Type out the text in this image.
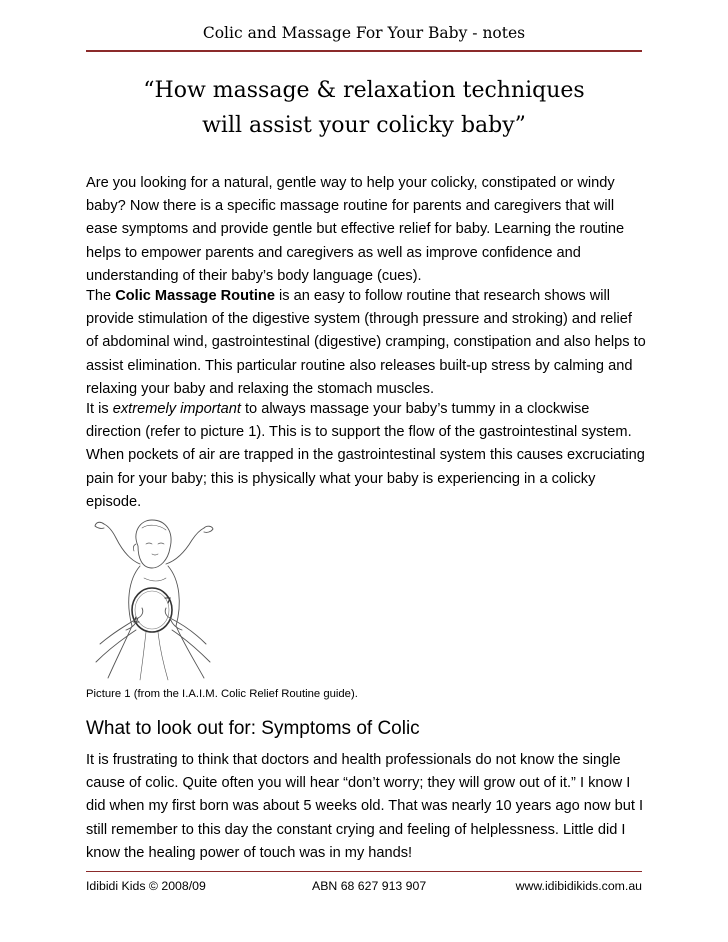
Colic and Massage For Your Baby - notes
“How massage & relaxation techniques
will assist your colicky baby”

Are you looking for a natural, gentle way to help your colicky, constipated or windy baby? Now there is a specific massage routine for parents and caregivers that will ease symptoms and provide gentle but effective relief for baby. Learning the routine helps to empower parents and caregivers as well as improve confidence and understanding of their baby’s body language (cues).

The Colic Massage Routine is an easy to follow routine that research shows will provide stimulation of the digestive system (through pressure and stroking) and relief of abdominal wind, gastrointestinal (digestive) cramping, constipation and also helps to assist elimination. This particular routine also releases built-up stress by calming and relaxing your baby and relaxing the stomach muscles.

It is extremely important to always massage your baby’s tummy in a clockwise direction (refer to picture 1). This is to support the flow of the gastrointestinal system. When pockets of air are trapped in the gastrointestinal system this causes excruciating pain for your baby; this is physically what your baby is experiencing in a colicky episode.

Picture 1 (from the I.A.I.M. Colic Relief Routine guide).
What to look out for: Symptoms of Colic

It is frustrating to think that doctors and health professionals do not know the single cause of colic. Quite often you will hear “don’t worry; they will grow out of it.” I know I did when my first born was about 5 weeks old. That was nearly 10 years ago now but I still remember to this day the constant crying and feeling of helplessness. Little did I know the healing power of touch was in my hands!

Idibidi Kids © 2008/09	ABN 68 627 913 907	www.idibidikids.com.au
